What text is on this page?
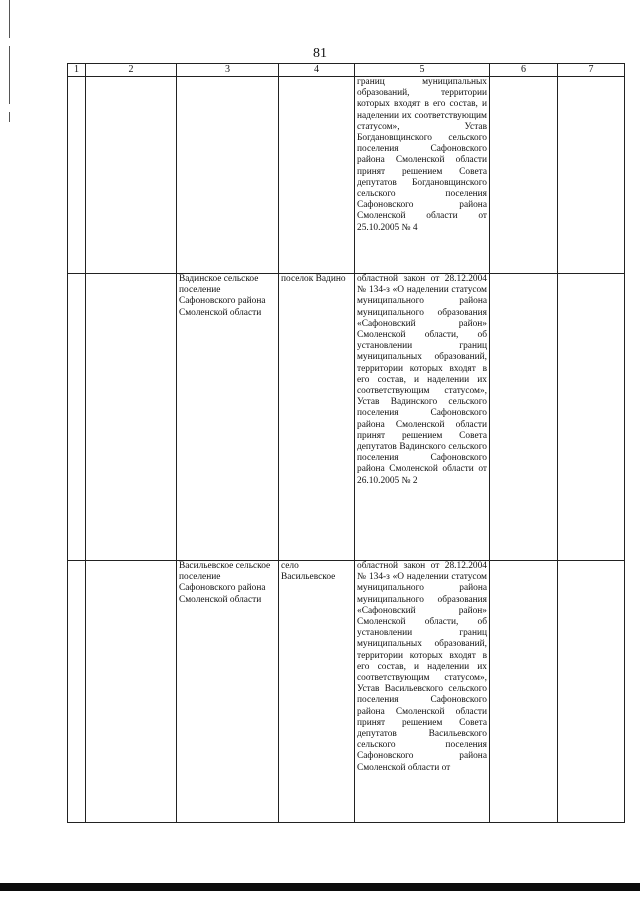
81
1	2	3	4	5	6	7
				границ муниципальных образований, территории которых входят в его состав, и наделении их соответствующим статусом», Устав Богдановщинского сельского поселения Сафоновского района Смоленской области принят решением Совета депутатов Богдановщинского сельского поселения Сафоновского района Смоленской области от 25.10.2005 № 4		
		Вадинское сельское поселение Сафоновского района Смоленской области	поселок Вадино	областной закон от 28.12.2004 № 134-з «О наделении статусом муниципального района муниципального образования «Сафоновский район» Смоленской области, об установлении границ муниципальных образований, территории которых входят в его состав, и наделении их соответствующим статусом», Устав Вадинского сельского поселения Сафоновского района Смоленской области принят решением Совета депутатов Вадинского сельского поселения Сафоновского района Смоленской области от 26.10.2005 № 2		
		Васильевское сельское поселение Сафоновского района Смоленской области	село Васильевское	областной закон от 28.12.2004 № 134-з «О наделении статусом муниципального района муниципального образования «Сафоновский район» Смоленской области, об установлении границ муниципальных образований, территории которых входят в его состав, и наделении их соответствующим статусом», Устав Васильевского сельского поселения Сафоновского района Смоленской области принят решением Совета депутатов Васильевского сельского поселения Сафоновского района Смоленской области от		
